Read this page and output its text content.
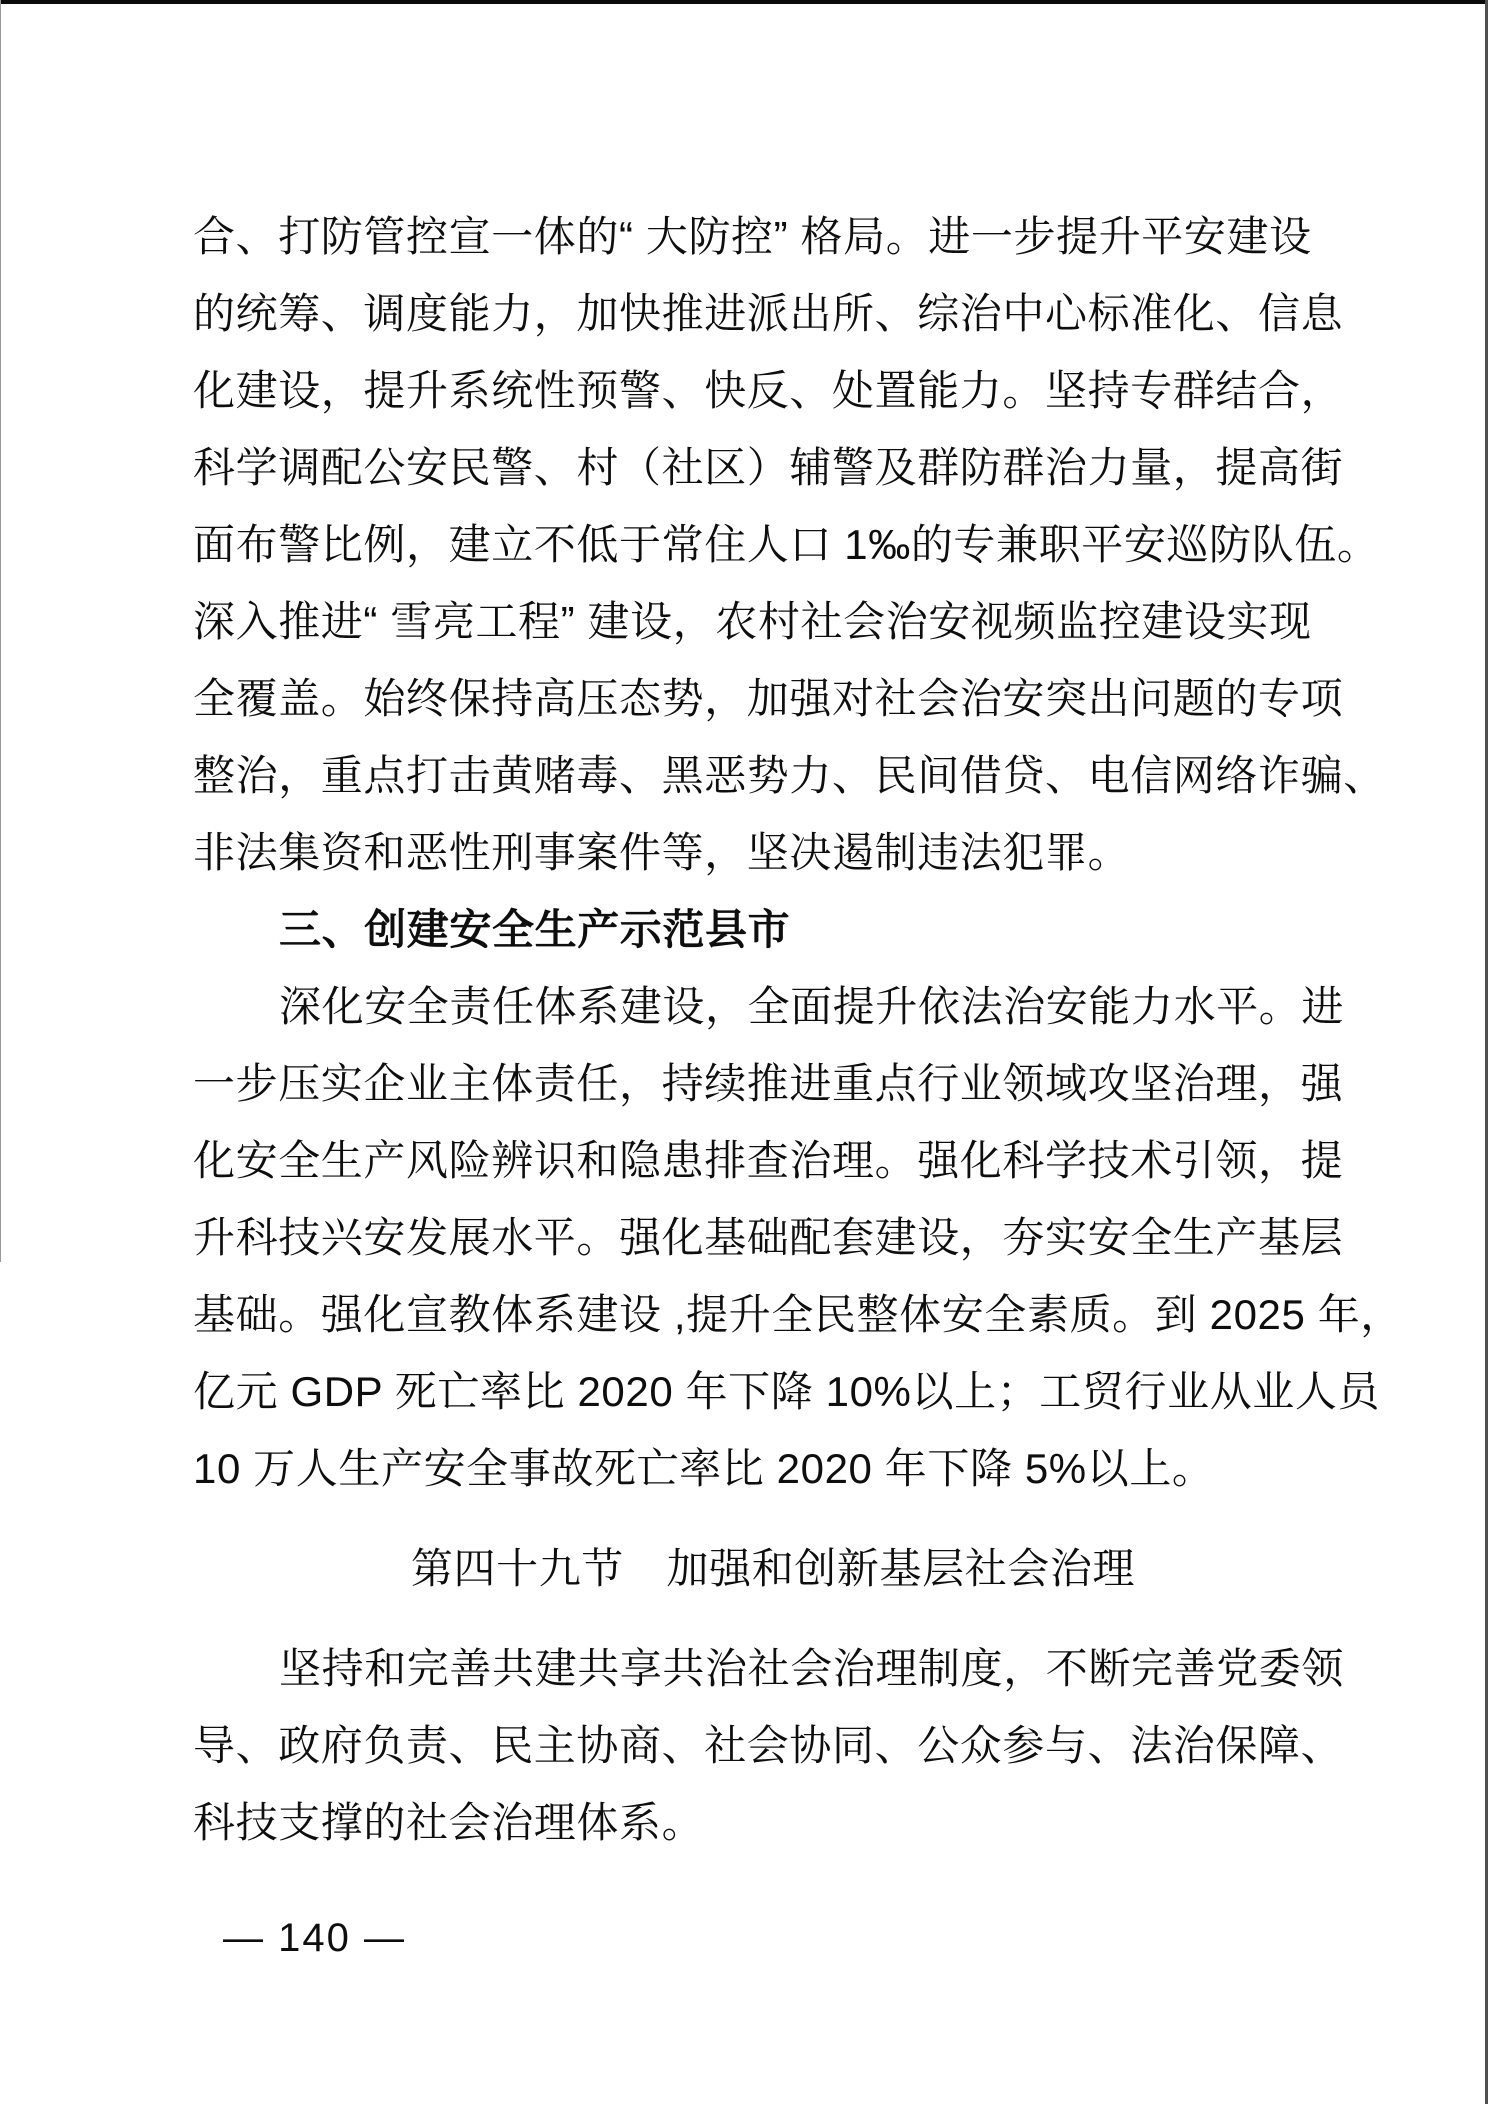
合、打防管控宣一体的“ 大防控” 格局。进一步提升平安建设
的统筹、调度能力，加快推进派出所、综治中心标准化、信息
化建设，提升系统性预警、快反、处置能力。坚持专群结合，
科学调配公安民警、村（社区）辅警及群防群治力量，提高街
面布警比例，建立不低于常住人口 1‰的专兼职平安巡防队伍。
深入推进“ 雪亮工程” 建设，农村社会治安视频监控建设实现
全覆盖。始终保持高压态势，加强对社会治安突出问题的专项
整治，重点打击黄赌毒、黑恶势力、民间借贷、电信网络诈骗、
非法集资和恶性刑事案件等，坚决遏制违法犯罪。
三、创建安全生产示范县市
深化安全责任体系建设，全面提升依法治安能力水平。进
一步压实企业主体责任，持续推进重点行业领域攻坚治理，强
化安全生产风险辨识和隐患排查治理。强化科学技术引领，提
升科技兴安发展水平。强化基础配套建设，夯实安全生产基层
基础。强化宣教体系建设 ,提升全民整体安全素质。到 2025 年，
亿元 GDP 死亡率比 2020 年下降 10%以上；工贸行业从业人员
10 万人生产安全事故死亡率比 2020 年下降 5%以上。
第四十九节　加强和创新基层社会治理
坚持和完善共建共享共治社会治理制度，不断完善党委领
导、政府负责、民主协商、社会协同、公众参与、法治保障、
科技支撑的社会治理体系。
— 140 —
